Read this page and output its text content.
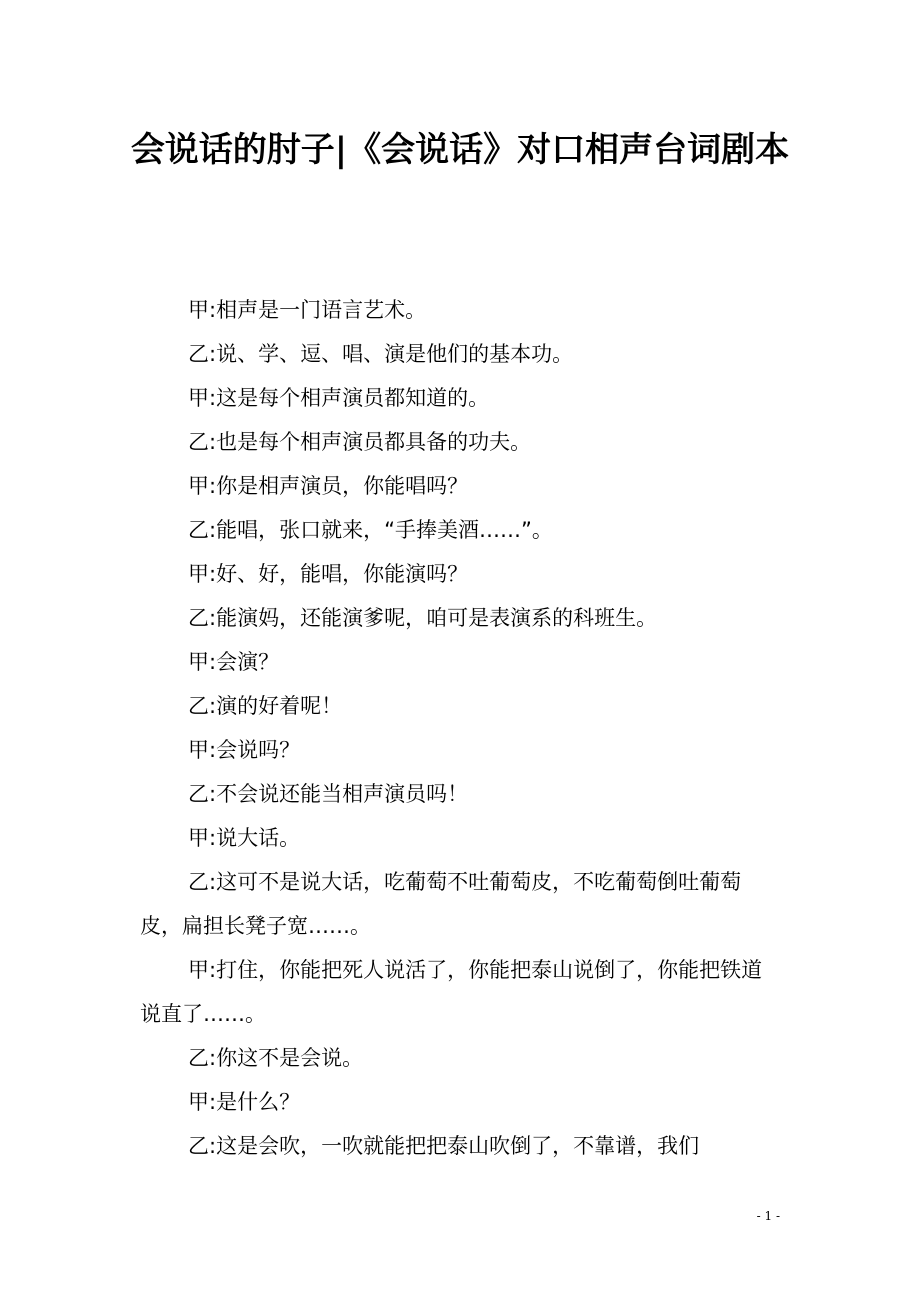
会说话的肘子|《会说话》对口相声台词剧本

甲:相声是一门语言艺术。

乙:说、学、逗、唱、演是他们的基本功。

甲:这是每个相声演员都知道的。

乙:也是每个相声演员都具备的功夫。

甲:你是相声演员，你能唱吗？

乙:能唱，张口就来，“手捧美酒……”。

甲:好、好，能唱，你能演吗？

乙:能演妈，还能演爹呢，咱可是表演系的科班生。

甲:会演？

乙:演的好着呢！

甲:会说吗？

乙:不会说还能当相声演员吗！

甲:说大话。

乙:这可不是说大话，吃葡萄不吐葡萄皮，不吃葡萄倒吐葡萄皮，扁担长凳子宽……。

甲:打住，你能把死人说活了，你能把泰山说倒了，你能把铁道说直了……。

乙:你这不是会说。

甲:是什么？

乙:这是会吹，一吹就能把把泰山吹倒了，不靠谱，我们

- 1 -
